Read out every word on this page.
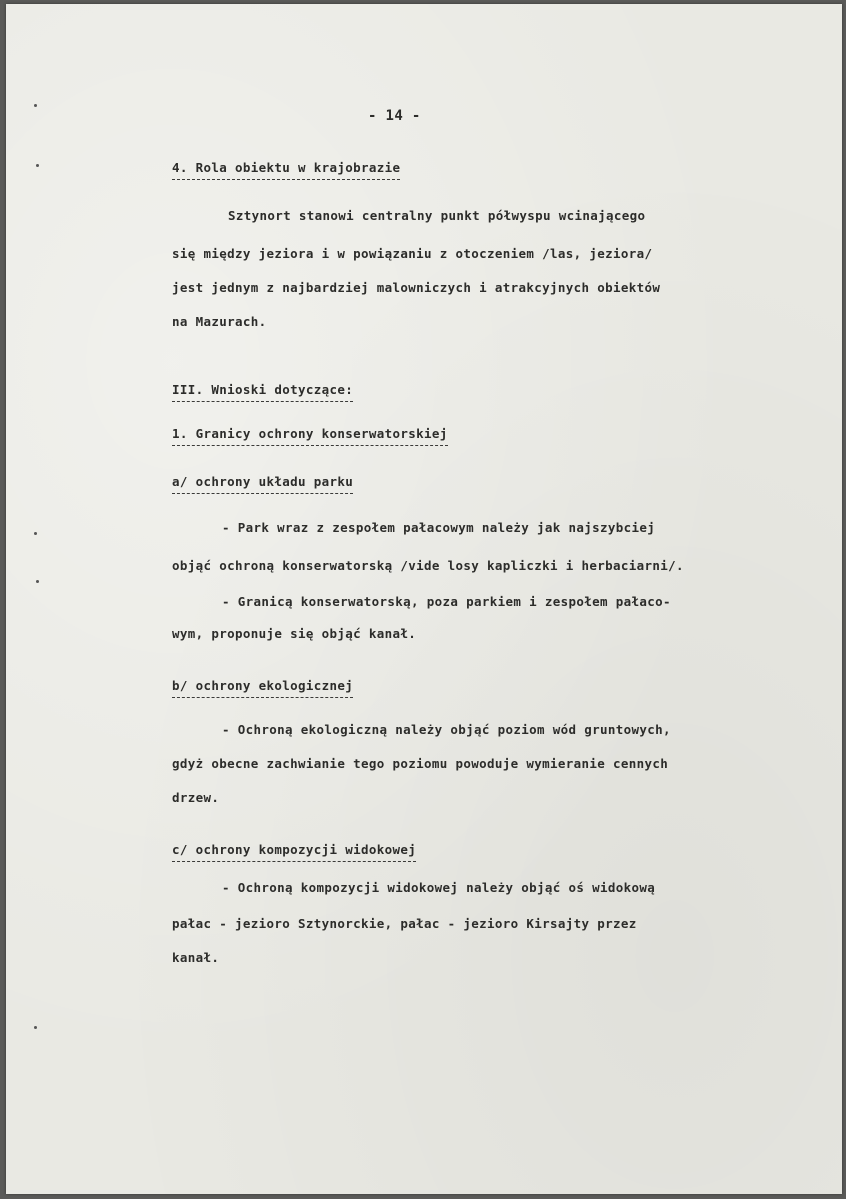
- 14 -
4. Rola obiektu w krajobrazie
Sztynort stanowi centralny punkt półwyspu wcinającego
się między jeziora i w powiązaniu z otoczeniem /las, jeziora/
jest jednym z najbardziej malowniczych i atrakcyjnych obiektów
na Mazurach.
III. Wnioski dotyczące:
1. Granicy ochrony konserwatorskiej
a/ ochrony układu parku
- Park wraz z zespołem pałacowym należy jak najszybciej
objąć ochroną konserwatorską /vide losy kapliczki i herbaciarni/.
- Granicą konserwatorską, poza parkiem i zespołem pałaco-
wym, proponuje się objąć kanał.
b/ ochrony ekologicznej
- Ochroną ekologiczną należy objąć poziom wód gruntowych,
gdyż obecne zachwianie tego poziomu powoduje wymieranie cennych
drzew.
c/ ochrony kompozycji widokowej
- Ochroną kompozycji widokowej należy objąć oś widokową
pałac - jezioro Sztynorckie, pałac - jezioro Kirsajty przez
kanał.
